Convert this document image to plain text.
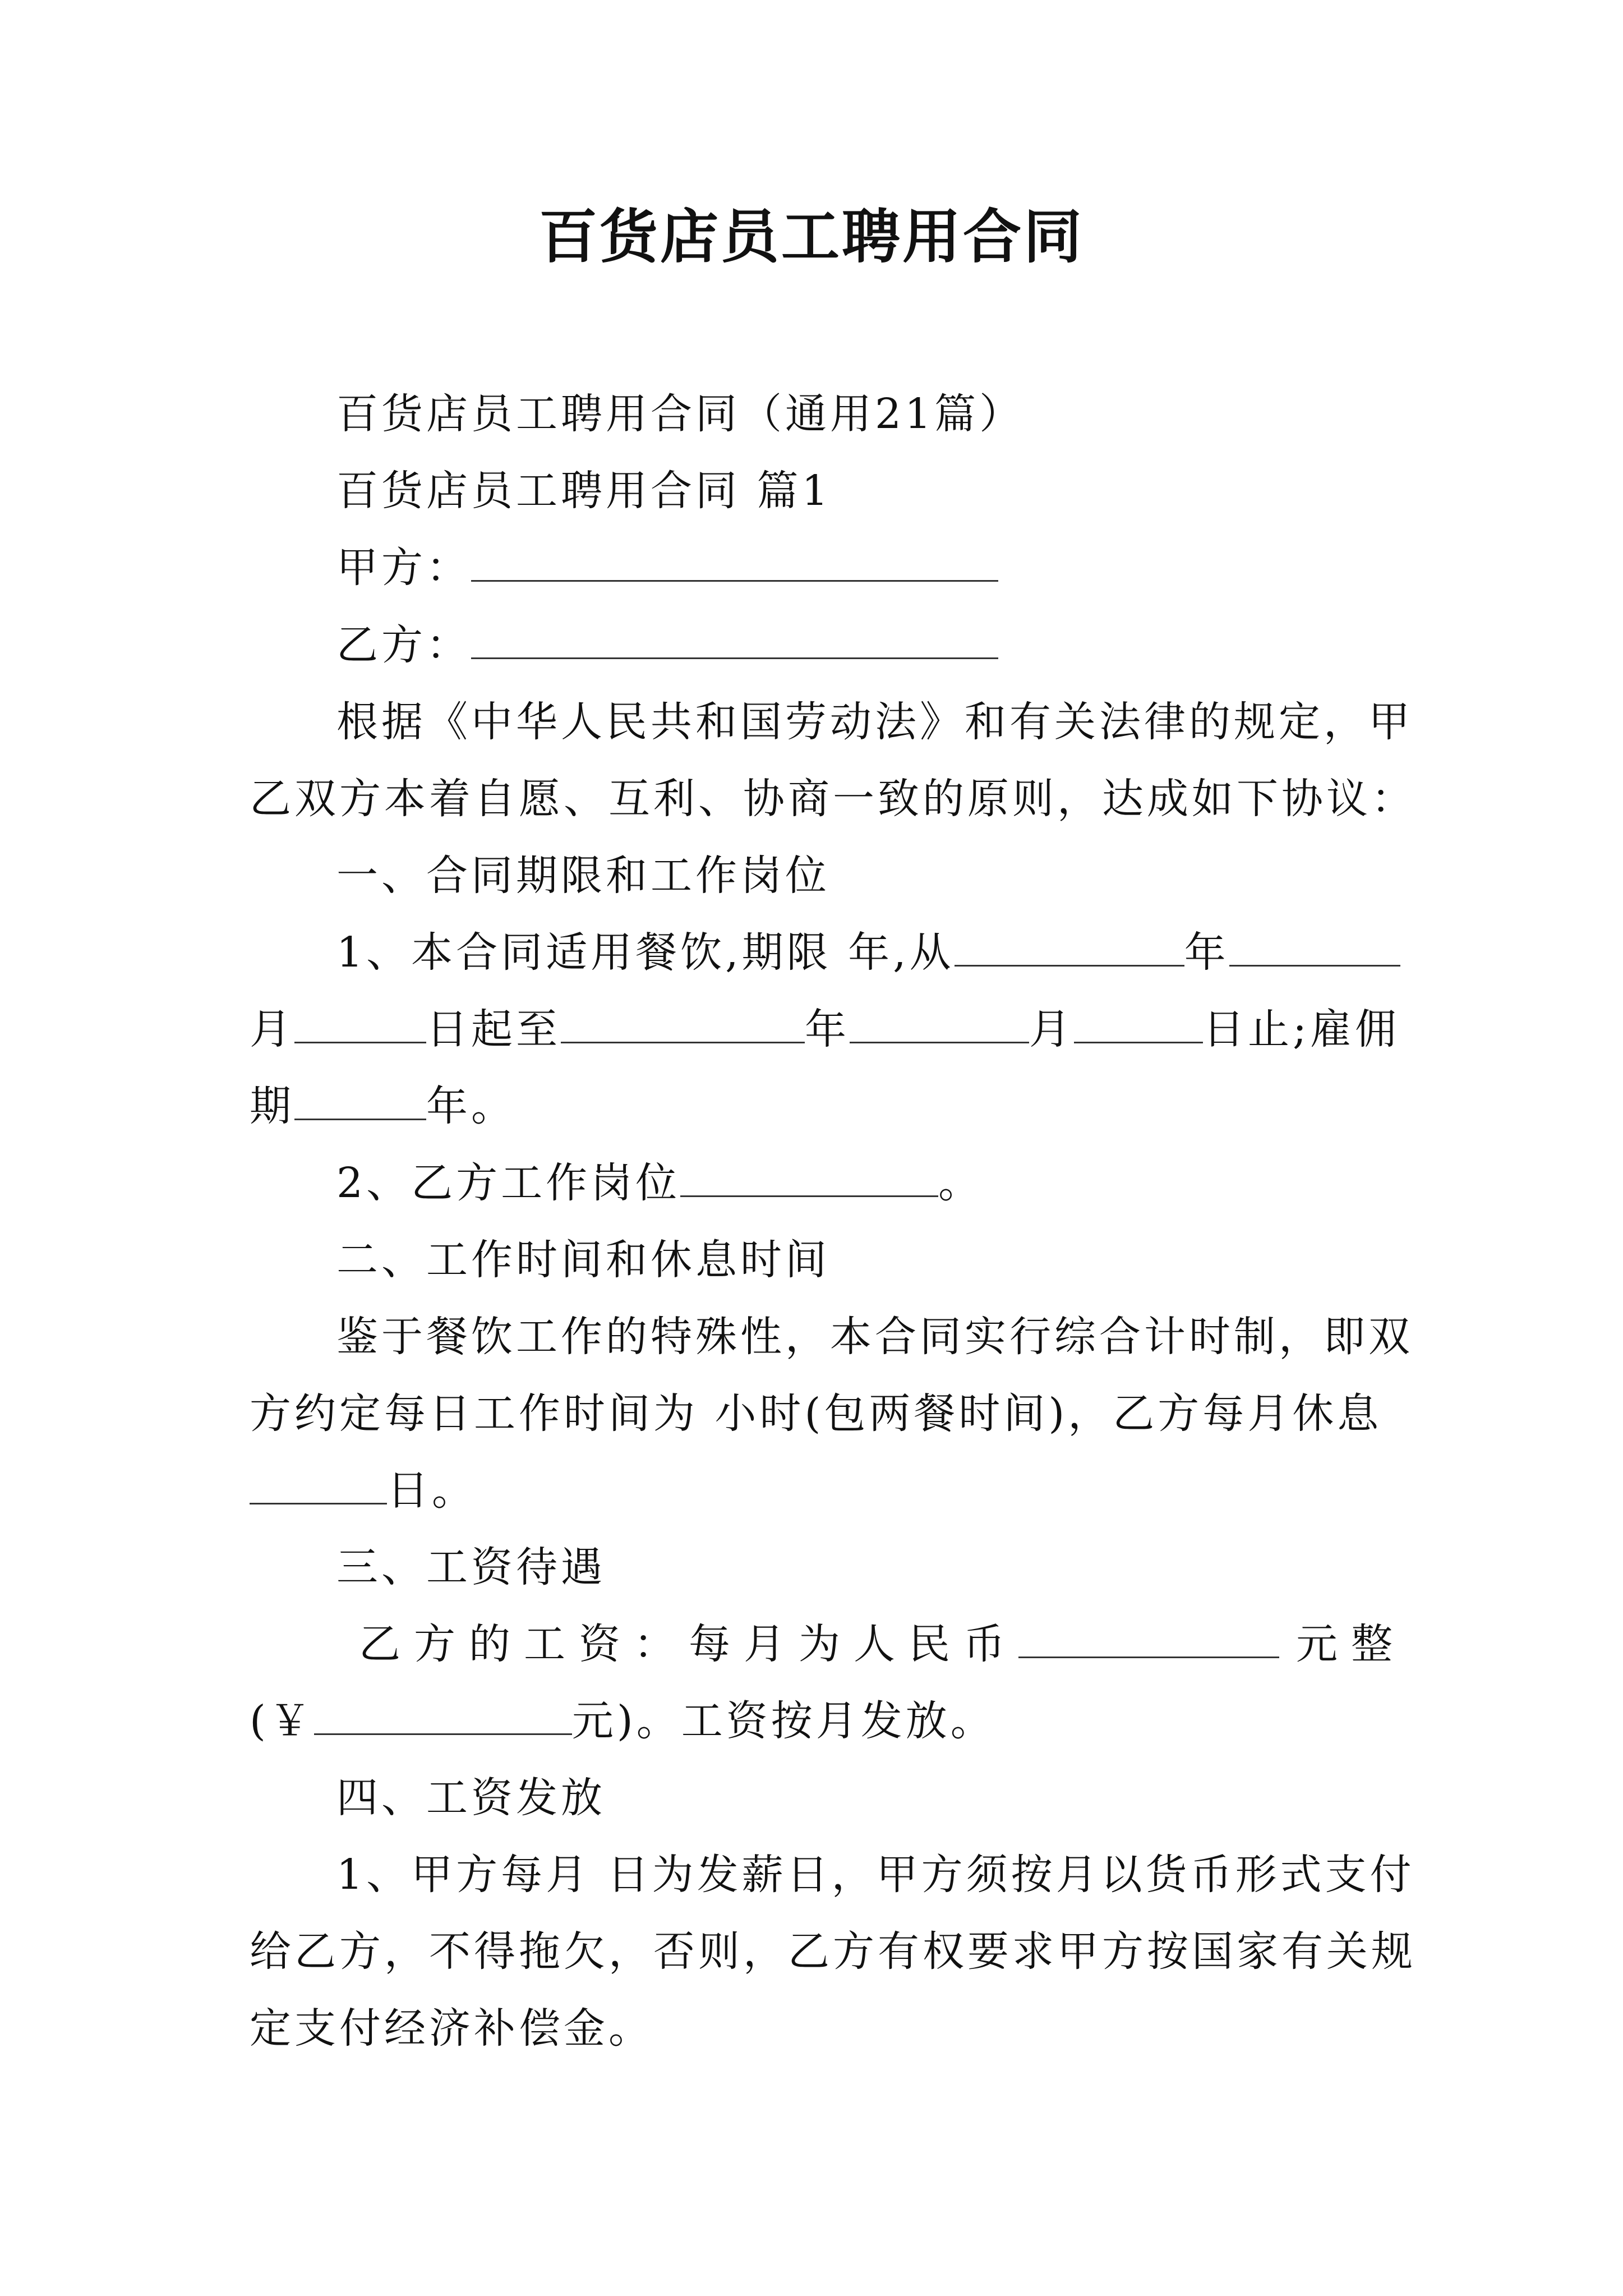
百货店员工聘用合同
百货店员工聘用合同（通用21篇）
百货店员工聘用合同 篇1
甲方：
乙方：
根据《中华人民共和国劳动法》和有关法律的规定，甲
乙双方本着自愿、互利、协商一致的原则，达成如下协议：
一、合同期限和工作岗位
1、本合同适用餐饮,期限 年,从	年
月	日起至	年	月	日止;雇佣
期	年。
2、乙方工作岗位	。
二、工作时间和休息时间
鉴于餐饮工作的特殊性，本合同实行综合计时制，即双
方约定每日工作时间为 小时(包两餐时间)，乙方每月休息
日。
三、工资待遇
乙方的工资：每月为人民币	元整
(￥	元)。工资按月发放。
四、工资发放
1、甲方每月 日为发薪日，甲方须按月以货币形式支付
给乙方，不得拖欠，否则，乙方有权要求甲方按国家有关规
定支付经济补偿金。
